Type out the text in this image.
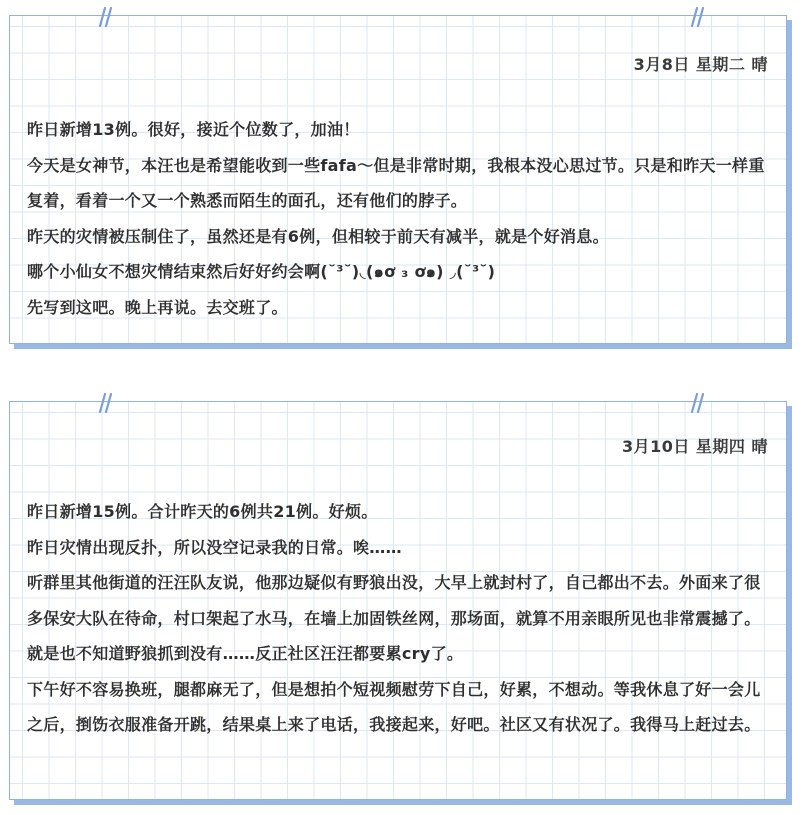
3月8日 星期二 晴

昨日新增13例。很好，接近个位数了，加油！

今天是女神节，本汪也是希望能收到一些fafa～但是非常时期，我根本没心思过节。只是和昨天一样重复着，看着一个又一个熟悉而陌生的面孔，还有他们的脖子。

昨天的灾情被压制住了，虽然还是有6例，但相较于前天有减半，就是个好消息。

哪个小仙女不想灾情结束然后好好约会啊(˘³˘)◟(๑ơ ₃ ơ๑) ◞(˘³˘)

先写到这吧。晚上再说。去交班了。

3月10日 星期四 晴

昨日新增15例。合计昨天的6例共21例。好烦。

昨日灾情出现反扑，所以没空记录我的日常。唉……

听群里其他街道的汪汪队友说，他那边疑似有野狼出没，大早上就封村了，自己都出不去。外面来了很多保安大队在待命，村口架起了水马，在墙上加固铁丝网，那场面，就算不用亲眼所见也非常震撼了。就是也不知道野狼抓到没有……反正社区汪汪都要累cry了。

下午好不容易换班，腿都麻无了，但是想拍个短视频慰劳下自己，好累，不想动。等我休息了好一会儿之后，捯饬衣服准备开跳，结果桌上来了电话，我接起来，好吧。社区又有状况了。我得马上赶过去。
